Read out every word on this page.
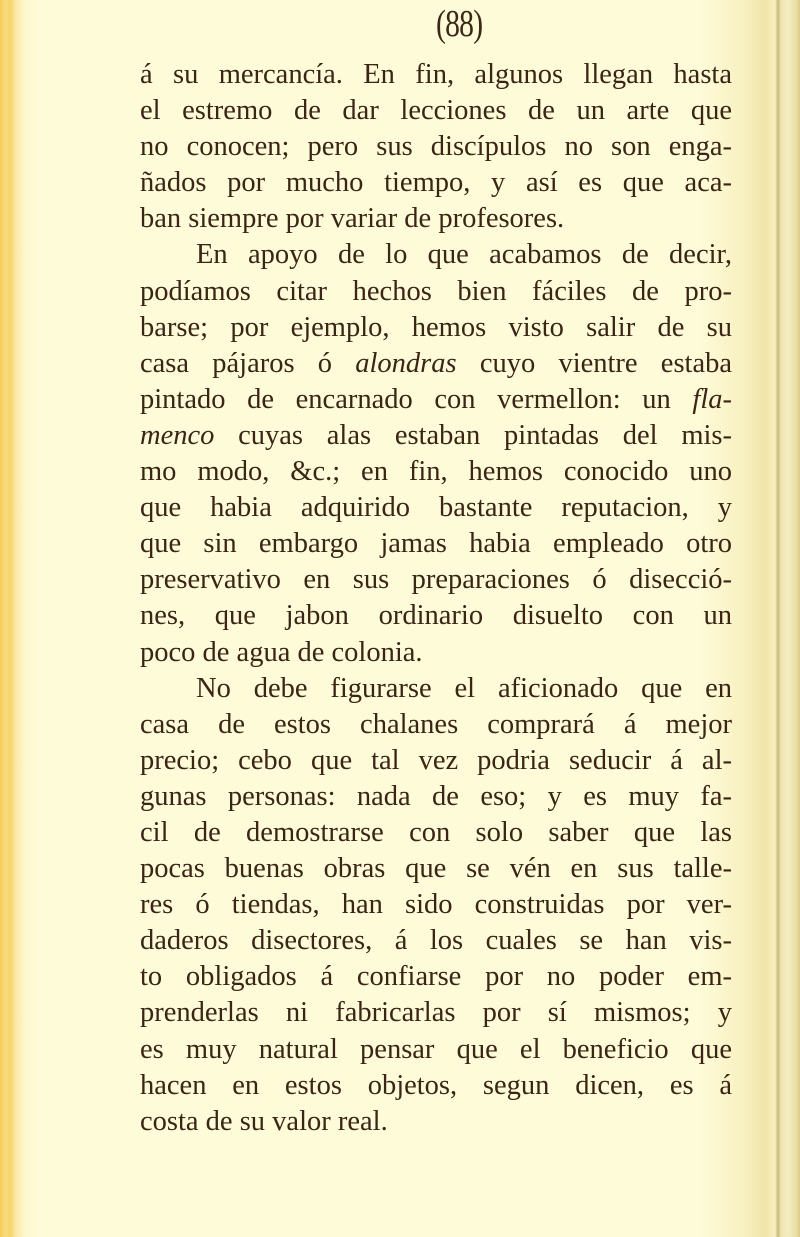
(88)
á su mercancía. En fin, algunos llegan hasta
el estremo de dar lecciones de un arte que
no conocen; pero sus discípulos no son enga-
ñados por mucho tiempo, y así es que aca-
ban siempre por variar de profesores.
En apoyo de lo que acabamos de decir,
podíamos citar hechos bien fáciles de pro-
barse; por ejemplo, hemos visto salir de su
casa pájaros ó alondras cuyo vientre estaba
pintado de encarnado con vermellon: un fla-
menco cuyas alas estaban pintadas del mis-
mo modo, &c.; en fin, hemos conocido uno
que habia adquirido bastante reputacion, y
que sin embargo jamas habia empleado otro
preservativo en sus preparaciones ó disecció-
nes, que jabon ordinario disuelto con un
poco de agua de colonia.
No debe figurarse el aficionado que en
casa de estos chalanes comprará á mejor
precio; cebo que tal vez podria seducir á al-
gunas personas: nada de eso; y es muy fa-
cil de demostrarse con solo saber que las
pocas buenas obras que se vén en sus talle-
res ó tiendas, han sido construidas por ver-
daderos disectores, á los cuales se han vis-
to obligados á confiarse por no poder em-
prenderlas ni fabricarlas por sí mismos; y
es muy natural pensar que el beneficio que
hacen en estos objetos, segun dicen, es á
costa de su valor real.
